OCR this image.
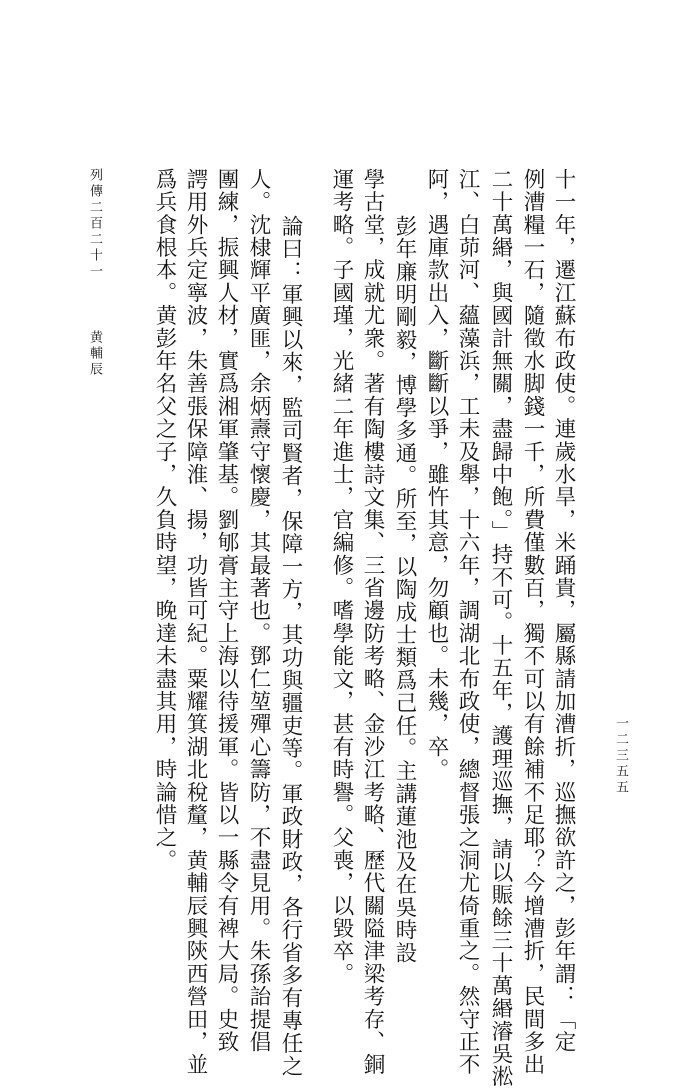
一二三五五
十一年，遷江蘇布政使。連歲水旱，米踊貴，屬縣請加漕折，巡撫欲許之，彭年謂：「定
例漕糧一石，隨徵水脚錢一千，所費僅數百，獨不可以有餘補不足耶？今增漕折，民間多出
二十萬緡，與國計無關，盡歸中飽。」持不可。十五年，護理巡撫，請以賑餘三十萬緡濬吳淞
江、白茆河、蘊藻浜，工未及舉，十六年，調湖北布政使，總督張之洞尤倚重之。然守正不
阿，遇庫款出入，斷斷以爭，雖忤其意，勿顧也。未幾，卒。
彭年廉明剛毅，博學多通。所至，以陶成士類爲己任。主講蓮池及在吳時設
學古堂，成就尤衆。著有陶樓詩文集、三省邊防考略、金沙江考略、歷代關隘津梁考存、銅
運考略。子國瑾，光緒二年進士，官編修。嗜學能文，甚有時譽。父喪，以毀卒。
論曰：軍興以來，監司賢者，保障一方，其功與疆吏等。軍政財政，各行省多有專任之
人。沈棣輝平廣匪，余炳燾守懷慶，其最著也。鄧仁堃殫心籌防，不盡見用。朱孫詒提倡
團練，振興人材，實爲湘軍肇基。劉郇膏主守上海以待援軍。皆以一縣令有裨大局。史致
諤用外兵定寧波，朱善張保障淮、揚，功皆可紀。粟耀箕湖北稅釐，黄輔辰興陝西營田，並
爲兵食根本。黄彭年名父之子，久負時望，晚達未盡其用，時論惜之。
列傳二百二十一
黄輔辰
